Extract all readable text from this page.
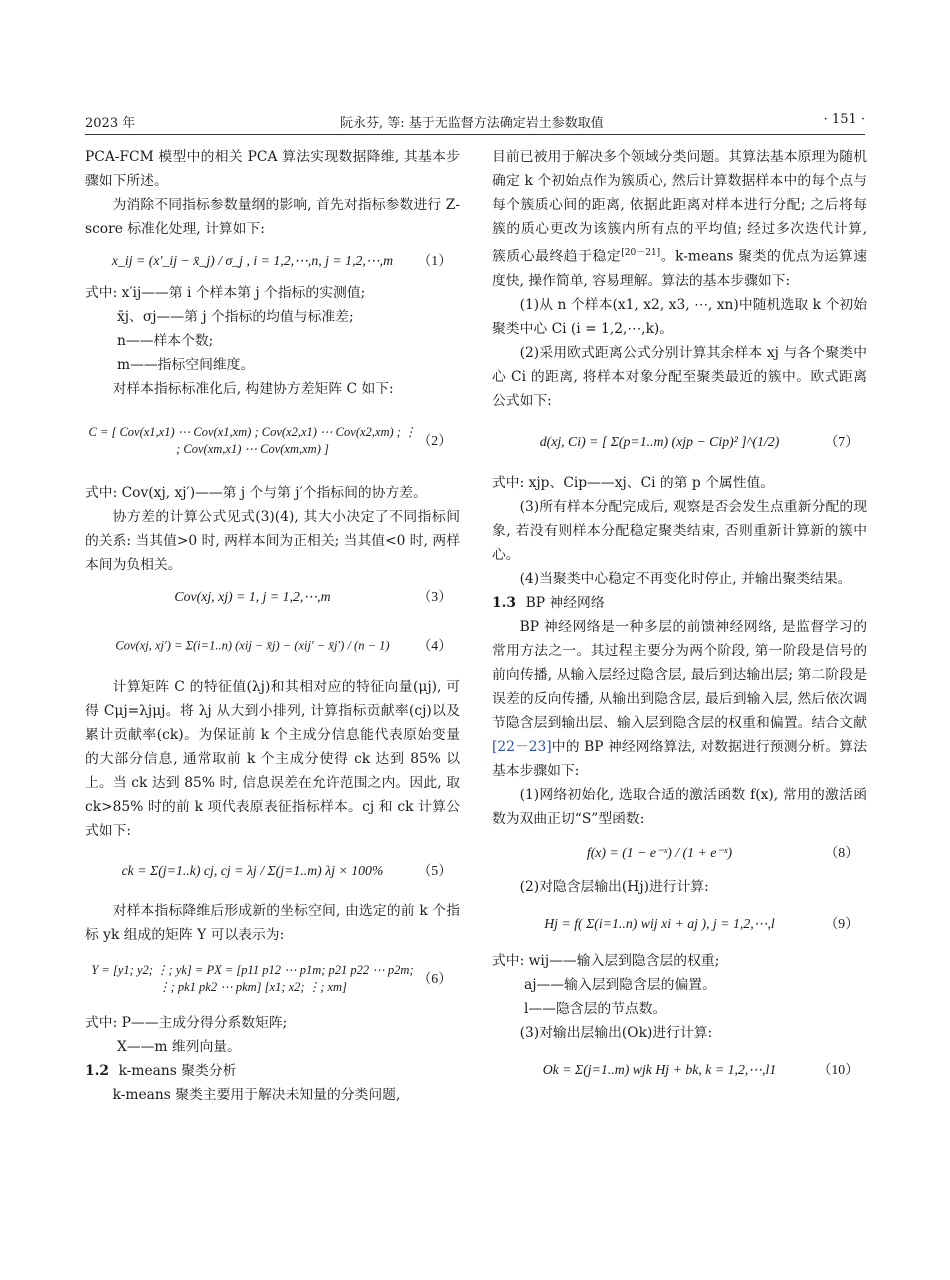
2023 年	阮永芬, 等: 基于无监督方法确定岩土参数取值	· 151 ·

PCA-FCM 模型中的相关 PCA 算法实现数据降维, 其基本步骤如下所述。

为消除不同指标参数量纲的影响, 首先对指标参数进行 Z-score 标准化处理, 计算如下:

x_ij = (x′_ij − x̄_j) / σ_j , i = 1,2,⋯,n, j = 1,2,⋯,m	（1）

式中: x′ij——第 i 个样本第 j 个指标的实测值;

x̄j、σj——第 j 个指标的均值与标准差;

n——样本个数;

m——指标空间维度。

对样本指标标准化后, 构建协方差矩阵 C 如下:

C = [ Cov(x1,x1) ⋯ Cov(x1,xm) ; Cov(x2,x1) ⋯ Cov(x2,xm) ; ⋮ ; Cov(xm,x1) ⋯ Cov(xm,xm) ]
（2）

式中: Cov(xj, xj′)——第 j 个与第 j′个指标间的协方差。

协方差的计算公式见式(3)(4), 其大小决定了不同指标间的关系: 当其值>0 时, 两样本间为正相关; 当其值<0 时, 两样本间为负相关。

Cov(xj, xj) = 1, j = 1,2,⋯,m	（3）
Cov(xj, xj′) = Σ(i=1..n) (xij − x̄j) − (xij′ − x̄j′) / (n − 1)	（4）

计算矩阵 C 的特征值(λj)和其相对应的特征向量(μj), 可得 Cμj=λjμj。将 λj 从大到小排列, 计算指标贡献率(cj)以及累计贡献率(ck)。为保证前 k 个主成分信息能代表原始变量的大部分信息, 通常取前 k 个主成分使得 ck 达到 85% 以上。当 ck 达到 85% 时, 信息误差在允许范围之内。因此, 取 ck>85% 时的前 k 项代表原表征指标样本。cj 和 ck 计算公式如下:

ck = Σ(j=1..k) cj, cj = λj / Σ(j=1..m) λj × 100%	（5）

对样本指标降维后形成新的坐标空间, 由选定的前 k 个指标 yk 组成的矩阵 Y 可以表示为:

Y = [y1; y2; ⋮; yk] = PX = [p11 p12 ⋯ p1m; p21 p22 ⋯ p2m; ⋮; pk1 pk2 ⋯ pkm] [x1; x2; ⋮; xm]
（6）

式中: P——主成分得分系数矩阵;

X——m 维列向量。

1.2 k-means 聚类分析

k-means 聚类主要用于解决未知量的分类问题,

目前已被用于解决多个领域分类问题。其算法基本原理为随机确定 k 个初始点作为簇质心, 然后计算数据样本中的每个点与每个簇质心间的距离, 依据此距离对样本进行分配; 之后将每簇的质心更改为该簇内所有点的平均值; 经过多次迭代计算, 簇质心最终趋于稳定[20－21]。k-means 聚类的优点为运算速度快, 操作简单, 容易理解。算法的基本步骤如下:

(1)从 n 个样本(x1, x2, x3, ⋯, xn)中随机选取 k 个初始聚类中心 Ci (i = 1,2,⋯,k)。

(2)采用欧式距离公式分别计算其余样本 xj 与各个聚类中心 Ci 的距离, 将样本对象分配至聚类最近的簇中。欧式距离公式如下:

d(xj, Ci) = [ Σ(p=1..m) (xjp − Cip)² ]^(1/2)	（7）

式中: xjp、Cip——xj、Ci 的第 p 个属性值。

(3)所有样本分配完成后, 观察是否会发生点重新分配的现象, 若没有则样本分配稳定聚类结束, 否则重新计算新的簇中心。

(4)当聚类中心稳定不再变化时停止, 并输出聚类结果。

1.3 BP 神经网络

BP 神经网络是一种多层的前馈神经网络, 是监督学习的常用方法之一。其过程主要分为两个阶段, 第一阶段是信号的前向传播, 从输入层经过隐含层, 最后到达输出层; 第二阶段是误差的反向传播, 从输出到隐含层, 最后到输入层, 然后依次调节隐含层到输出层、输入层到隐含层的权重和偏置。结合文献[22－23]中的 BP 神经网络算法, 对数据进行预测分析。算法基本步骤如下:

(1)网络初始化, 选取合适的激活函数 f(x), 常用的激活函数为双曲正切“S”型函数:

f(x) = (1 − e⁻ˣ) / (1 + e⁻ˣ)	（8）

(2)对隐含层输出(Hj)进行计算:

Hj = f( Σ(i=1..n) wij xi + aj ), j = 1,2,⋯,l	（9）

式中: wij——输入层到隐含层的权重;

aj——输入层到隐含层的偏置。

l——隐含层的节点数。

(3)对输出层输出(Ok)进行计算:

Ok = Σ(j=1..m) wjk Hj + bk, k = 1,2,⋯,l1	（10）
